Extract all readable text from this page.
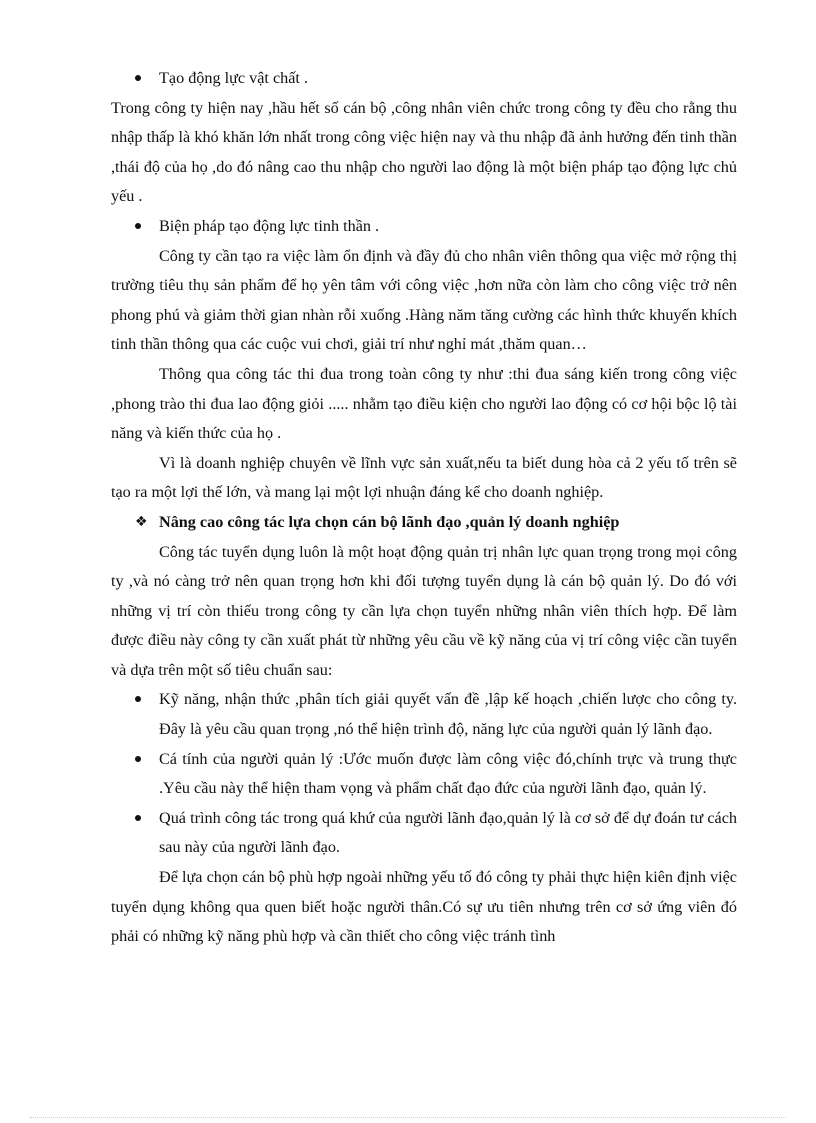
Tạo động lực vật chất .

Trong công ty hiện nay ,hầu hết số cán bộ ,công nhân viên chức trong công ty đều cho rằng thu nhập thấp là khó khăn lớn nhất trong công việc hiện nay và thu nhập đã ảnh hưởng đến tinh thần ,thái độ của họ ,do đó nâng cao thu nhập cho người lao động là một biện pháp tạo động lực chủ yếu .

Biện pháp tạo động lực tinh thần .

Công ty cần tạo ra việc làm ổn định và đầy đủ cho nhân viên thông qua việc mở rộng thị trường tiêu thụ sản phẩm để họ yên tâm với công việc ,hơn nữa còn làm cho công việc trở nên phong phú và giảm thời gian nhàn rỗi xuống .Hàng năm tăng cường các hình thức khuyến khích tinh thần thông qua các cuộc vui chơi, giải trí như nghỉ mát ,thăm quan…

Thông qua công tác thi đua trong toàn công ty như :thi đua sáng kiến trong công việc ,phong trào thi đua lao động giỏi ..... nhằm tạo điều kiện cho người lao động có cơ hội bộc lộ tài năng và kiến thức của họ .

Vì là doanh nghiệp chuyên về lĩnh vực sản xuất,nếu ta biết dung hòa cả 2 yếu tố trên sẽ tạo ra một lợi thế lớn, và mang lại một lợi nhuận đáng kể cho doanh nghiệp.

❖ Nâng cao công tác lựa chọn cán bộ lãnh đạo ,quản lý doanh nghiệp

Công tác tuyển dụng luôn là một hoạt động quản trị nhân lực quan trọng trong mọi công ty ,và nó càng trở nên quan trọng hơn khi đối tượng tuyển dụng là cán bộ quản lý. Do đó với những vị trí còn thiếu trong công ty cần lựa chọn tuyển những nhân viên thích hợp. Để làm được điều này công ty cần xuất phát từ những yêu cầu về kỹ năng của vị trí công việc cần tuyển và dựa trên một số tiêu chuẩn sau:

Kỹ năng, nhận thức ,phân tích giải quyết vấn đề ,lập kế hoạch ,chiến lược cho công ty. Đây là yêu cầu quan trọng ,nó thể hiện trình độ, năng lực của người quản lý lãnh đạo.
Cá tính của người quản lý :Ước muốn được làm công việc đó,chính trực và trung thực .Yêu cầu này thể hiện tham vọng và phẩm chất đạo đức của người lãnh đạo, quản lý.
Quá trình công tác trong quá khứ của người lãnh đạo,quản lý là cơ sở để dự đoán tư cách sau này của người lãnh đạo.

Để lựa chọn cán bộ phù hợp ngoài những yếu tố đó công ty phải thực hiện kiên định việc tuyển dụng không qua quen biết hoặc người thân.Có sự ưu tiên nhưng trên cơ sở ứng viên đó phải có những kỹ năng phù hợp và cần thiết cho công việc tránh tình
